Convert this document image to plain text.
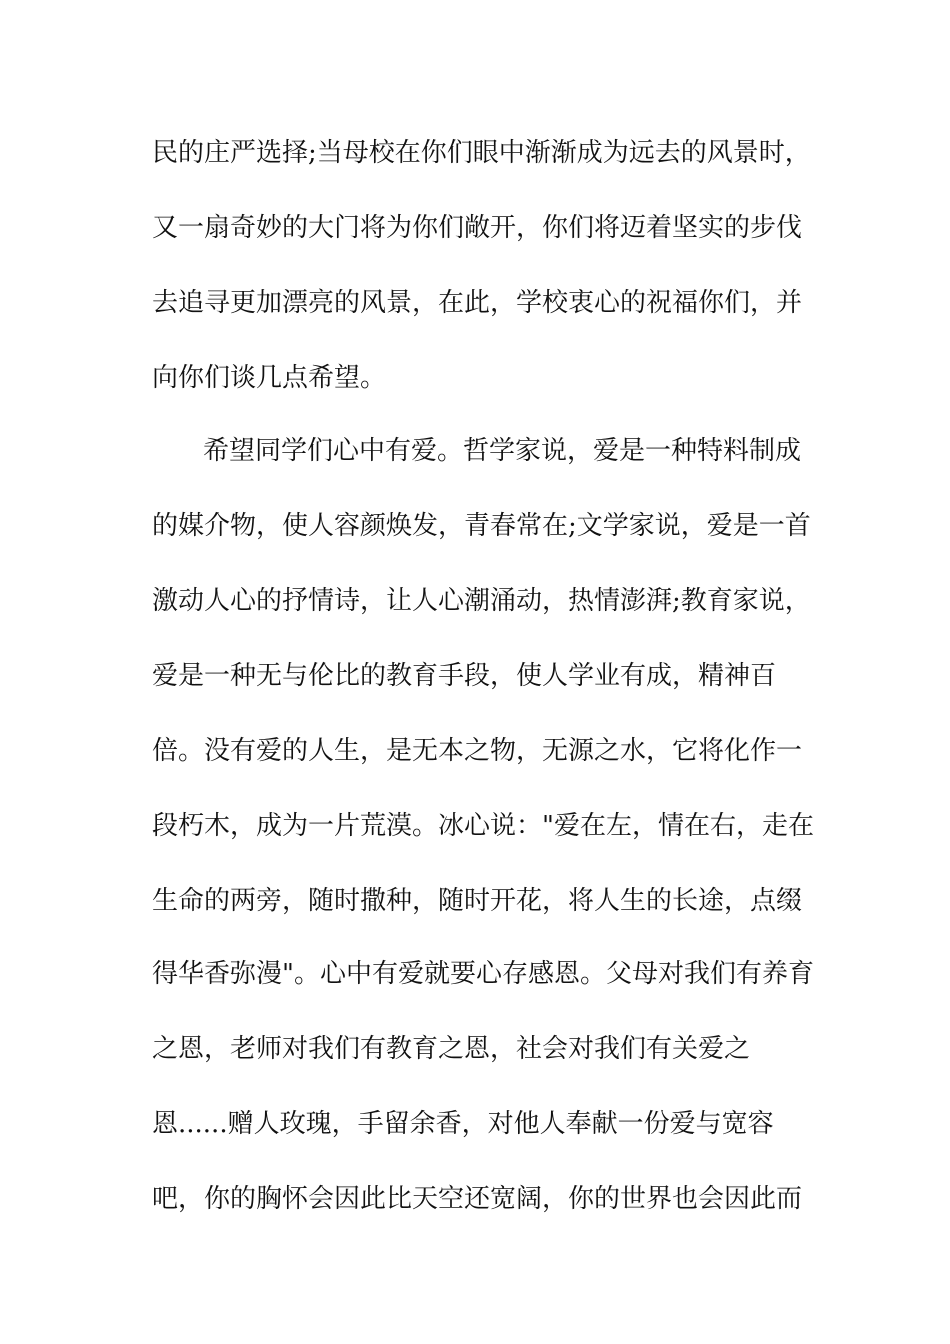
民的庄严选择;当母校在你们眼中渐渐成为远去的风景时，
又一扇奇妙的大门将为你们敞开，你们将迈着坚实的步伐
去追寻更加漂亮的风景，在此，学校衷心的祝福你们，并
向你们谈几点希望。
希望同学们心中有爱。哲学家说，爱是一种特料制成
的媒介物，使人容颜焕发，青春常在;文学家说，爱是一首
激动人心的抒情诗，让人心潮涌动，热情澎湃;教育家说，
爱是一种无与伦比的教育手段，使人学业有成，精神百
倍。没有爱的人生，是无本之物，无源之水，它将化作一
段朽木，成为一片荒漠。冰心说："爱在左，情在右，走在
生命的两旁，随时撒种，随时开花，将人生的长途，点缀
得华香弥漫"。心中有爱就要心存感恩。父母对我们有养育
之恩，老师对我们有教育之恩，社会对我们有关爱之
恩......赠人玫瑰，手留余香，对他人奉献一份爱与宽容
吧，你的胸怀会因此比天空还宽阔，你的世界也会因此而
